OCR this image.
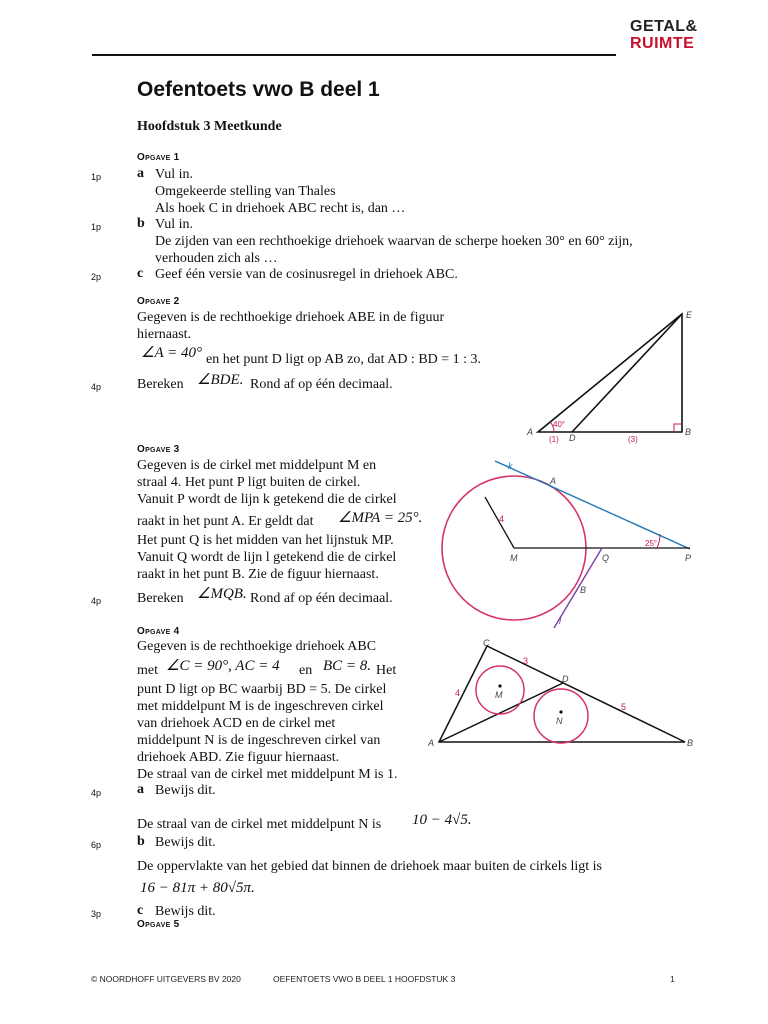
GETAL&
RUIMTE
Oefentoets vwo B deel 1
Hoofdstuk 3 Meetkunde
Opgave 1
1p	a Vul in.
Omgekeerde stelling van Thales
Als hoek C in driehoek ABC recht is, dan …
1p	b Vul in.
De zijden van een rechthoekige driehoek waarvan de scherpe hoeken 30° en 60° zijn,
verhouden zich als …
2p	c Geef één versie van de cosinusregel in driehoek ABC.
Opgave 2
Gegeven is de rechthoekige driehoek ABE in de figuur
hiernaast.
∠A = 40° en het punt D ligt op AB zo, dat AD : BD = 1 : 3.
4p	Bereken ∠BDE. Rond af op één decimaal.
E
A
D
B
40°
(1)	(3)
Opgave 3
Gegeven is de cirkel met middelpunt M en
straal 4. Het punt P ligt buiten de cirkel.
Vanuit P wordt de lijn k getekend die de cirkel
raakt in het punt A. Er geldt dat ∠MPA = 25°.
Het punt Q is het midden van het lijnstuk MP.
Vanuit Q wordt de lijn l getekend die de cirkel
raakt in het punt B. Zie de figuur hiernaast.
4p	Bereken ∠MQB. Rond af op één decimaal.
k
A
4
M	Q	P
25°
B
l
Opgave 4
Gegeven is de rechthoekige driehoek ABC
met ∠C = 90°, AC = 4 en BC = 8. Het
punt D ligt op BC waarbij BD = 5. De cirkel
met middelpunt M is de ingeschreven cirkel
van driehoek ACD en de cirkel met
middelpunt N is de ingeschreven cirkel van
driehoek ABD. Zie figuur hiernaast.
De straal van de cirkel met middelpunt M is 1.
4p	a Bewijs dit.
De straal van de cirkel met middelpunt N is 10 − 4√5.
6p	b Bewijs dit.
De oppervlakte van het gebied dat binnen de driehoek maar buiten de cirkels ligt is
16 − 81π + 80√5π.
3p	c Bewijs dit.
C
3
D
4	M
N
5
A	B
Opgave 5
© NOORDHOFF UITGEVERS BV 2020	OEFENTOETS VWO B DEEL 1 HOOFDSTUK 3	1
